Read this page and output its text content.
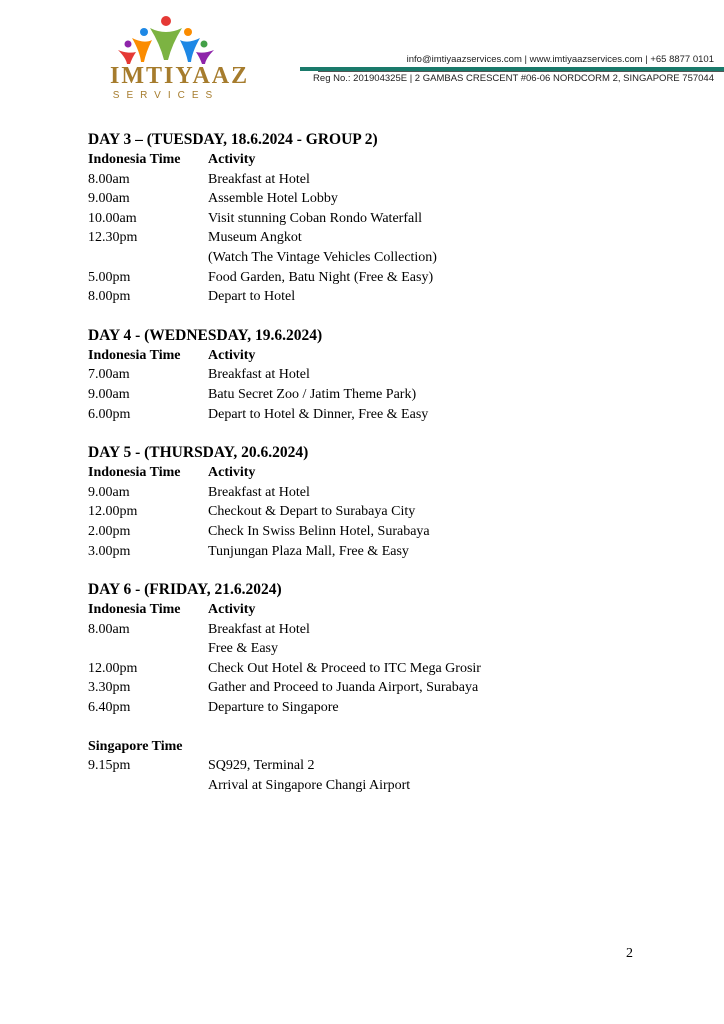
IMTIYAAZ
SERVICES
info@imtiyaazservices.com | www.imtiyaazservices.com | +65 8877 0101
Reg No.: 201904325E | 2 GAMBAS CRESCENT #06-06 NORDCORM 2, SINGAPORE 757044
DAY 3 – (TUESDAY, 18.6.2024 - GROUP 2)
Indonesia Time	Activity
8.00am	Breakfast at Hotel
9.00am	Assemble Hotel Lobby
10.00am	Visit stunning Coban Rondo Waterfall
12.30pm	Museum Angkot
(Watch The Vintage Vehicles Collection)
5.00pm	Food Garden, Batu Night (Free & Easy)
8.00pm	Depart to Hotel
DAY 4 - (WEDNESDAY, 19.6.2024)
Indonesia Time	Activity
7.00am	Breakfast at Hotel
9.00am	Batu Secret Zoo / Jatim Theme Park)
6.00pm	Depart to Hotel & Dinner, Free & Easy
DAY 5 - (THURSDAY, 20.6.2024)
Indonesia Time	Activity
9.00am	Breakfast at Hotel
12.00pm	Checkout & Depart to Surabaya City
2.00pm	Check In Swiss Belinn Hotel, Surabaya
3.00pm	Tunjungan Plaza Mall, Free & Easy
DAY 6 - (FRIDAY, 21.6.2024)
Indonesia Time	Activity
8.00am	Breakfast at Hotel
Free & Easy
12.00pm	Check Out Hotel & Proceed to ITC Mega Grosir
3.30pm	Gather and Proceed to Juanda Airport, Surabaya
6.40pm	Departure to Singapore
Singapore Time
9.15pm	SQ929, Terminal 2
Arrival at Singapore Changi Airport
2
